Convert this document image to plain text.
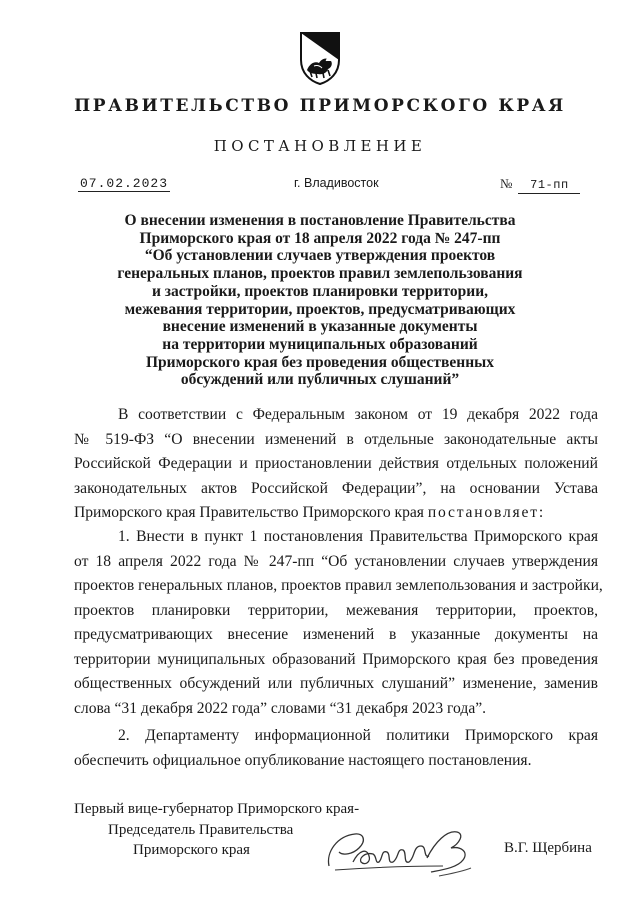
ПРАВИТЕЛЬСТВО ПРИМОРСКОГО КРАЯ
ПОСТАНОВЛЕНИЕ
07.02.2023	г. Владивосток	№ 71-пп
О внесении изменения в постановление Правительства
Приморского края от 18 апреля 2022 года № 247-пп
“Об установлении случаев утверждения проектов
генеральных планов, проектов правил землепользования
и застройки, проектов планировки территории,
межевания территории, проектов, предусматривающих
внесение изменений в указанные документы
на территории муниципальных образований
Приморского края без проведения общественных
обсуждений или публичных слушаний”
В соответствии с Федеральным законом от 19 декабря 2022 года
№ 519-ФЗ “О внесении изменений в отдельные законодательные акты
Российской Федерации и приостановлении действия отдельных положений
законодательных актов Российской Федерации”, на основании Устава
Приморского края Правительство Приморского края постановляет:
1. Внести в пункт 1 постановления Правительства Приморского края
от 18 апреля 2022 года № 247-пп “Об установлении случаев утверждения
проектов генеральных планов, проектов правил землепользования и застройки,
проектов планировки территории, межевания территории, проектов,
предусматривающих внесение изменений в указанные документы на
территории муниципальных образований Приморского края без проведения
общественных обсуждений или публичных слушаний” изменение, заменив
слова “31 декабря 2022 года” словами “31 декабря 2023 года”.
2. Департаменту информационной политики Приморского края
обеспечить официальное опубликование настоящего постановления.
Первый вице-губернатор Приморского края-
Председатель Правительства
Приморского края	В.Г. Щербина
